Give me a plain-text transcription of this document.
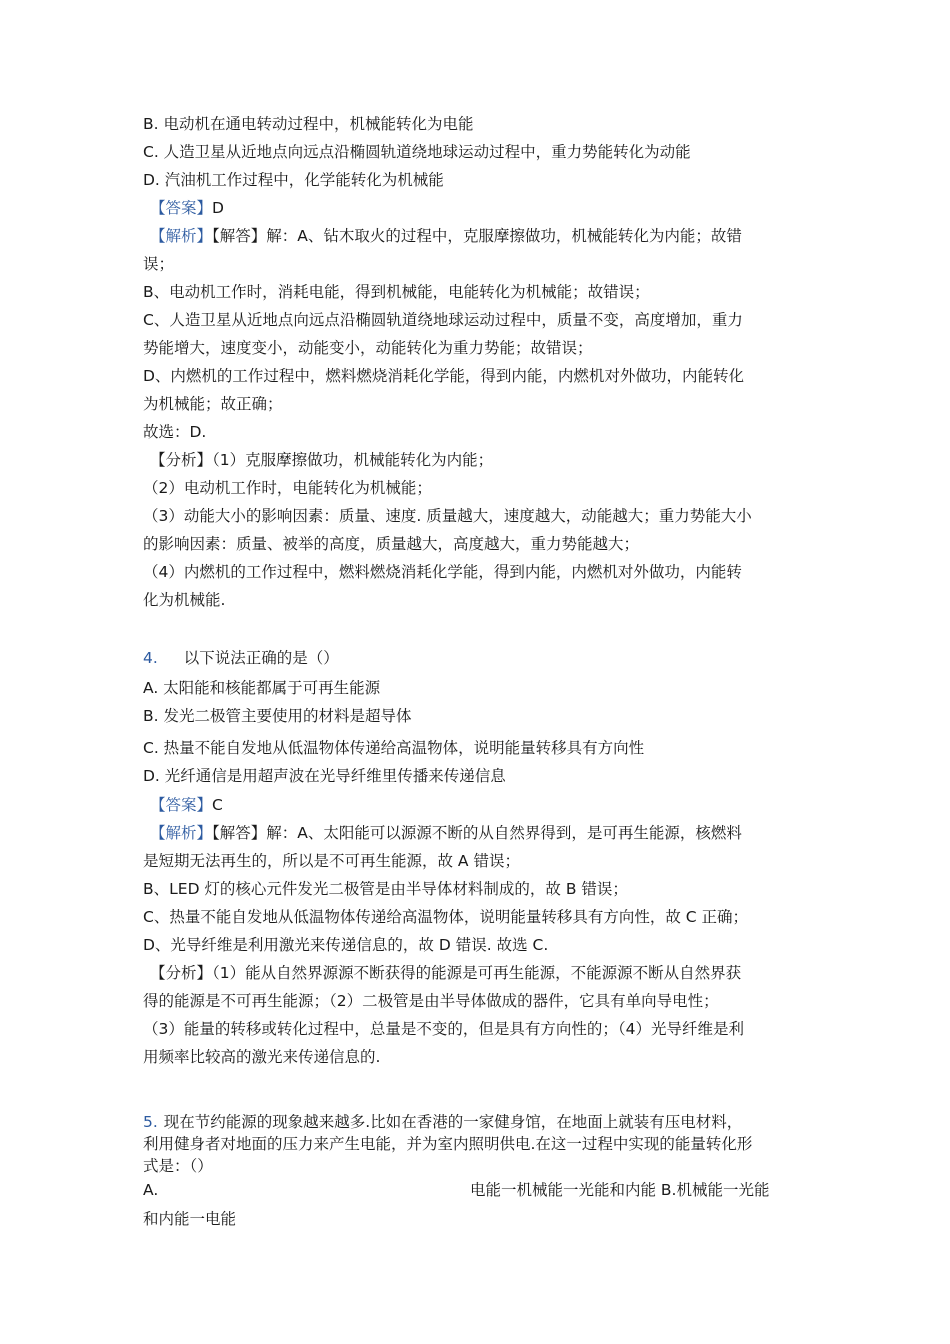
B. 电动机在通电转动过程中，机械能转化为电能
C. 人造卫星从近地点向远点沿椭圆轨道绕地球运动过程中，重力势能转化为动能
D. 汽油机工作过程中，化学能转化为机械能
【答案】D
【解析】【解答】解：A、钻木取火的过程中，克服摩擦做功，机械能转化为内能；故错
误；
B、电动机工作时，消耗电能，得到机械能，电能转化为机械能；故错误；
C、人造卫星从近地点向远点沿椭圆轨道绕地球运动过程中，质量不变，高度增加，重力
势能增大，速度变小，动能变小，动能转化为重力势能；故错误；
D、内燃机的工作过程中，燃料燃烧消耗化学能，得到内能，内燃机对外做功，内能转化
为机械能；故正确；
故选：D.
【分析】（1）克服摩擦做功，机械能转化为内能；
（2）电动机工作时，电能转化为机械能；
（3）动能大小的影响因素：质量、速度. 质量越大，速度越大，动能越大；重力势能大小
的影响因素：质量、被举的高度，质量越大，高度越大，重力势能越大；
（4）内燃机的工作过程中，燃料燃烧消耗化学能，得到内能，内燃机对外做功，内能转
化为机械能.
4. 以下说法正确的是（）
A. 太阳能和核能都属于可再生能源
B. 发光二极管主要使用的材料是超导体
C. 热量不能自发地从低温物体传递给高温物体，说明能量转移具有方向性
D. 光纤通信是用超声波在光导纤维里传播来传递信息
【答案】C
【解析】【解答】解：A、太阳能可以源源不断的从自然界得到，是可再生能源，核燃料
是短期无法再生的，所以是不可再生能源，故 A 错误；
B、LED 灯的核心元件发光二极管是由半导体材料制成的，故 B 错误；
C、热量不能自发地从低温物体传递给高温物体，说明能量转移具有方向性，故 C 正确；
D、光导纤维是利用激光来传递信息的，故 D 错误. 故选 C.
【分析】（1）能从自然界源源不断获得的能源是可再生能源，不能源源不断从自然界获
得的能源是不可再生能源；（2）二极管是由半导体做成的器件，它具有单向导电性；
（3）能量的转移或转化过程中，总量是不变的，但是具有方向性的；（4）光导纤维是利
用频率比较高的激光来传递信息的.
5. 现在节约能源的现象越来越多.比如在香港的一家健身馆，在地面上就装有压电材料，
利用健身者对地面的压力来产生电能，并为室内照明供电.在这一过程中实现的能量转化形
式是：（）
A.	电能一机械能一光能和内能 B.机械能一光能
和内能一电能
